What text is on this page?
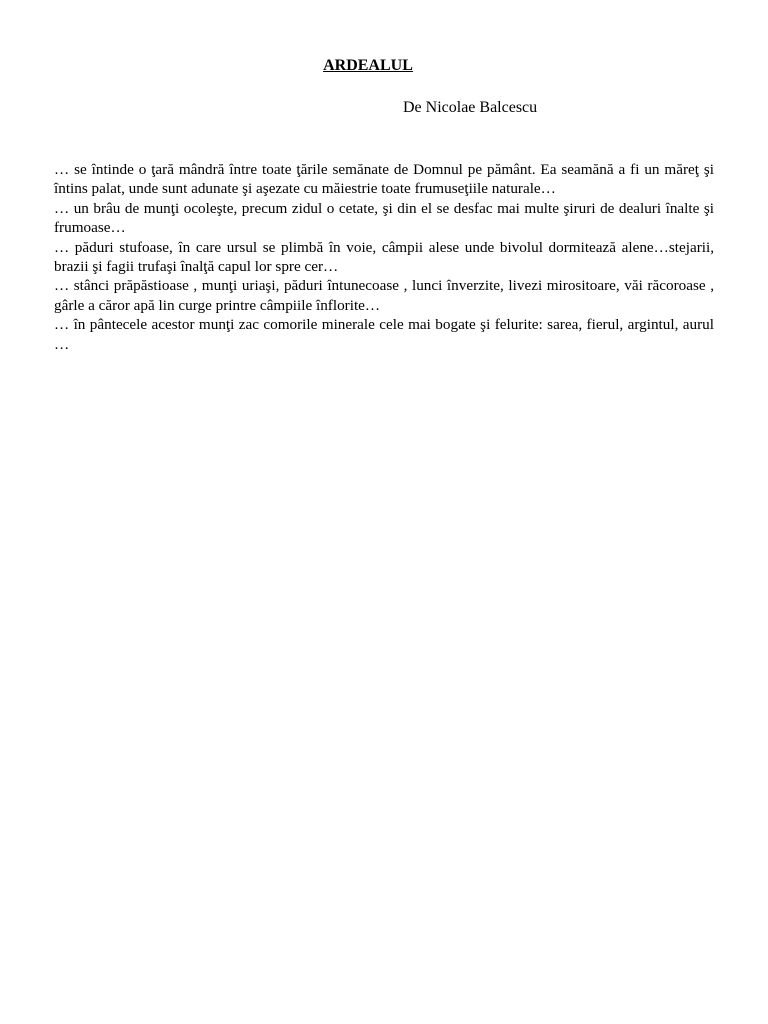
ARDEALUL
De Nicolae Balcescu

… se întinde o ţară mândră între toate ţările semănate de Domnul pe pământ. Ea seamănă a fi un măreţ şi întins palat, unde sunt adunate şi aşezate cu măiestrie toate frumuseţiile naturale…

… un brâu de munţi ocoleşte, precum zidul o cetate, şi din el se desfac mai multe şiruri de dealuri înalte şi frumoase…

… păduri stufoase, în care ursul se plimbă în voie, câmpii alese unde bivolul dormitează alene…stejarii, brazii şi fagii trufaşi înalţă capul lor spre cer…

… stânci prăpăstioase , munţi uriaşi, păduri întunecoase , lunci înverzite, livezi mirositoare, văi răcoroase , gârle a căror apă lin curge printre câmpiile înflorite…

… în pântecele acestor munţi zac comorile minerale cele mai bogate şi felurite: sarea, fierul, argintul, aurul …
